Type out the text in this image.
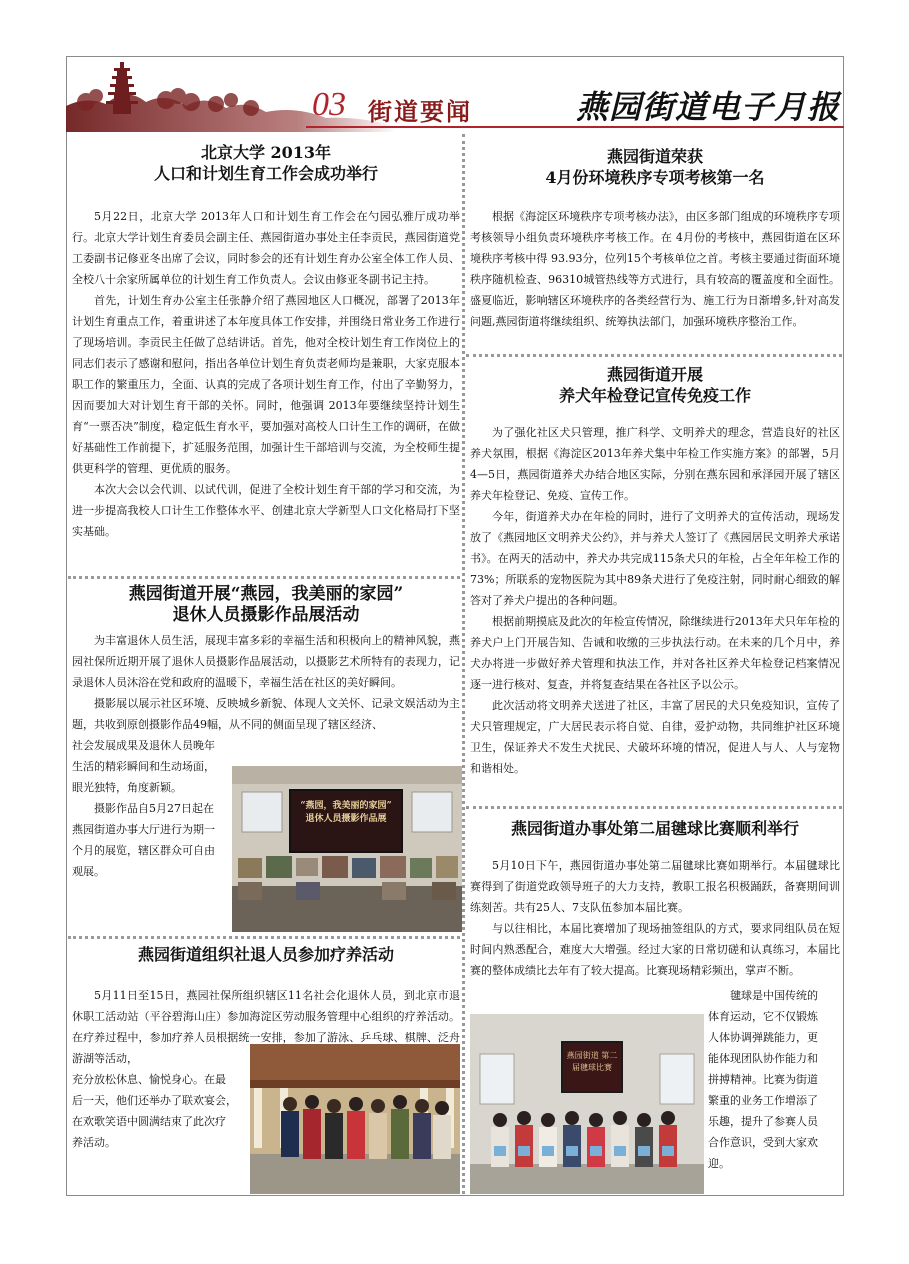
03 街道要闻	燕园街道电子月报
北京大学 2013年
人口和计划生育工作会成功举行

5月22日，北京大学 2013年人口和计划生育工作会在勺园弘雅厅成功举行。北京大学计划生育委员会副主任、燕园街道办事处主任李贡民，燕园街道党工委副书记修亚冬出席了会议，同时参会的还有计划生育办公室全体工作人员、全校八十余家所属单位的计划生育工作负责人。会议由修亚冬副书记主持。

首先，计划生育办公室主任张静介绍了燕园地区人口概况，部署了2013年计划生育重点工作，着重讲述了本年度具体工作安排，并围绕日常业务工作进行了现场培训。李贡民主任做了总结讲话。首先，他对全校计划生育工作岗位上的同志们表示了感谢和慰问，指出各单位计划生育负责老师均是兼职，大家克服本职工作的繁重压力，全面、认真的完成了各项计划生育工作，付出了辛勤努力，因而要加大对计划生育干部的关怀。同时，他强调 2013年要继续坚持计划生育“一票否决”制度，稳定低生育水平，要加强对高校人口计生工作的调研，在做好基础性工作前提下，扩延服务范围，加强计生干部培训与交流，为全校师生提供更科学的管理、更优质的服务。

本次大会以会代训、以试代训，促进了全校计划生育干部的学习和交流，为进一步提高我校人口计生工作整体水平、创建北京大学新型人口文化格局打下坚实基础。

燕园街道开展“燕园，我美丽的家园”
退休人员摄影作品展活动

为丰富退休人员生活，展现丰富多彩的幸福生活和积极向上的精神风貌，燕园社保所近期开展了退休人员摄影作品展活动，以摄影艺术所特有的表现力，记录退休人员沐浴在党和政府的温暖下，幸福生活在社区的美好瞬间。

摄影展以展示社区环境、反映城乡新貌、体现人文关怀、记录文娱活动为主题，共收到原创摄影作品49幅，从不同的侧面呈现了辖区经济、

社会发展成果及退休人员晚年

生活的精彩瞬间和生动场面，

眼光独特，角度新颖。

摄影作品自5月27日起在

燕园街道办事大厅进行为期一

个月的展览，辖区群众可自由

观展。

“燕园，我美丽的家园” 退休人员摄影作品展
燕园街道组织社退人员参加疗养活动

5月11日至15日，燕园社保所组织辖区11名社会化退休人员，到北京市退休职工活动站（平谷碧海山庄）参加海淀区劳动服务管理中心组织的疗养活动。在疗养过程中，参加疗养人员根据统一安排，参加了游泳、乒乓球、棋牌、泛舟游湖等活动，

充分放松休息、愉悦身心。在最

后一天，他们还举办了联欢宴会，

在欢歌笑语中圆满结束了此次疗

养活动。

燕园街道荣获
4月份环境秩序专项考核第一名

根据《海淀区环境秩序专项考核办法》，由区多部门组成的环境秩序专项考核领导小组负责环境秩序考核工作。在 4月份的考核中，燕园街道在区环境秩序考核中得 93.93分，位列15个考核单位之首。考核主要通过街面环境秩序随机检查、96310城管热线等方式进行，具有较高的覆盖度和全面性。盛夏临近，影响辖区环境秩序的各类经营行为、施工行为日渐增多,针对高发问题,燕园街道将继续组织、统筹执法部门，加强环境秩序整治工作。

燕园街道开展
养犬年检登记宣传免疫工作

为了强化社区犬只管理，推广科学、文明养犬的理念，营造良好的社区养犬氛围，根据《海淀区2013年养犬集中年检工作实施方案》的部署，5月4—5日，燕园街道养犬办结合地区实际，分别在燕东园和承泽园开展了辖区养犬年检登记、免疫、宣传工作。

今年，街道养犬办在年检的同时，进行了文明养犬的宣传活动，现场发放了《燕园地区文明养犬公约》，并与养犬人签订了《燕园居民文明养犬承诺书》。在两天的活动中，养犬办共完成115条犬只的年检，占全年年检工作的73%；所联系的宠物医院为其中89条犬进行了免疫注射，同时耐心细致的解答对了养犬户提出的各种问题。

根据前期摸底及此次的年检宣传情况，除继续进行2013年犬只年年检的养犬户上门开展告知、告诫和收缴的三步执法行动。在未来的几个月中，养犬办将进一步做好养犬管理和执法工作，并对各社区养犬年检登记档案情况逐一进行核对、复查，并将复查结果在各社区予以公示。

此次活动将文明养犬送进了社区，丰富了居民的犬只免疫知识，宣传了犬只管理规定，广大居民表示将自觉、自律，爱护动物，共同维护社区环境卫生，保证养犬不发生犬扰民、犬破坏环境的情况，促进人与人、人与宠物和谐相处。

燕园街道办事处第二届毽球比赛顺利举行

5月10日下午，燕园街道办事处第二届毽球比赛如期举行。本届毽球比赛得到了街道党政领导班子的大力支持，教职工报名积极踊跃，备赛期间训练刻苦。共有25人、7支队伍参加本届比赛。

与以往相比，本届比赛增加了现场抽签组队的方式，要求同组队员在短时间内熟悉配合，难度大大增强。经过大家的日常切磋和认真练习，本届比赛的整体成绩比去年有了较大提高。比赛现场精彩频出，掌声不断。

毽球是中国传统的

体育运动，它不仅锻炼

人体协调弹跳能力，更

能体现团队协作能力和

拼搏精神。比赛为街道

繁重的业务工作增添了

乐趣，提升了参赛人员

合作意识，受到大家欢

迎。

燕园街道 第二届毽球比赛
